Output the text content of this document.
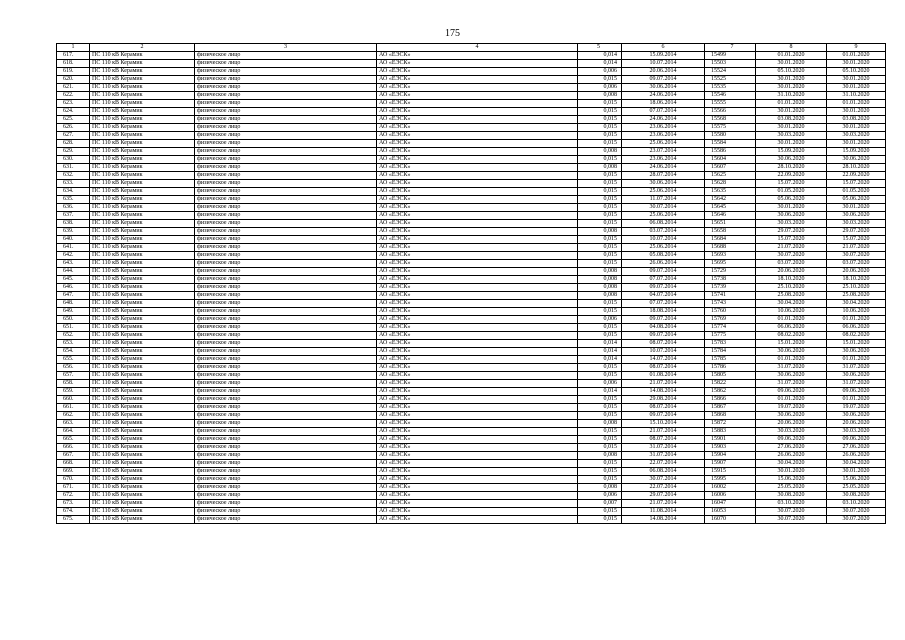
175
1	2	3	4	5	6	7	8	9
617.	ПС 110 кВ Керамик	физическое лицо	АО «ЕЭСК»	0,014	15.09.2014	15499	01.01.2020	01.01.2020
618.	ПС 110 кВ Керамик	физическое лицо	АО «ЕЭСК»	0,014	10.07.2014	15503	30.01.2020	30.01.2020
619.	ПС 110 кВ Керамик	физическое лицо	АО «ЕЭСК»	0,006	20.06.2014	15524	05.10.2020	05.10.2020
620.	ПС 110 кВ Керамик	физическое лицо	АО «ЕЭСК»	0,015	09.07.2014	15525	30.01.2020	30.01.2020
621.	ПС 110 кВ Керамик	физическое лицо	АО «ЕЭСК»	0,006	30.06.2014	15535	30.01.2020	30.01.2020
622.	ПС 110 кВ Керамик	физическое лицо	АО «ЕЭСК»	0,008	24.06.2014	15546	31.10.2020	31.10.2020
623.	ПС 110 кВ Керамик	физическое лицо	АО «ЕЭСК»	0,015	18.06.2014	15555	01.01.2020	01.01.2020
624.	ПС 110 кВ Керамик	физическое лицо	АО «ЕЭСК»	0,015	07.07.2014	15566	30.01.2020	30.01.2020
625.	ПС 110 кВ Керамик	физическое лицо	АО «ЕЭСК»	0,015	24.06.2014	15568	03.08.2020	03.08.2020
626.	ПС 110 кВ Керамик	физическое лицо	АО «ЕЭСК»	0,015	23.06.2014	15575	30.01.2020	30.01.2020
627.	ПС 110 кВ Керамик	физическое лицо	АО «ЕЭСК»	0,015	23.06.2014	15580	30.03.2020	30.03.2020
628.	ПС 110 кВ Керамик	физическое лицо	АО «ЕЭСК»	0,015	25.06.2014	15584	30.01.2020	30.01.2020
629.	ПС 110 кВ Керамик	физическое лицо	АО «ЕЭСК»	0,008	23.07.2014	15586	15.09.2020	15.09.2020
630.	ПС 110 кВ Керамик	физическое лицо	АО «ЕЭСК»	0,015	23.06.2014	15604	30.06.2020	30.06.2020
631.	ПС 110 кВ Керамик	физическое лицо	АО «ЕЭСК»	0,008	24.06.2014	15607	28.10.2020	28.10.2020
632.	ПС 110 кВ Керамик	физическое лицо	АО «ЕЭСК»	0,015	28.07.2014	15625	22.09.2020	22.09.2020
633.	ПС 110 кВ Керамик	физическое лицо	АО «ЕЭСК»	0,015	30.06.2014	15628	15.07.2020	15.07.2020
634.	ПС 110 кВ Керамик	физическое лицо	АО «ЕЭСК»	0,015	25.06.2014	15635	01.05.2020	01.05.2020
635.	ПС 110 кВ Керамик	физическое лицо	АО «ЕЭСК»	0,015	11.07.2014	15642	05.06.2020	05.06.2020
636.	ПС 110 кВ Керамик	физическое лицо	АО «ЕЭСК»	0,015	30.07.2014	15645	30.01.2020	30.01.2020
637.	ПС 110 кВ Керамик	физическое лицо	АО «ЕЭСК»	0,015	25.06.2014	15646	30.06.2020	30.06.2020
638.	ПС 110 кВ Керамик	физическое лицо	АО «ЕЭСК»	0,015	06.08.2014	15651	30.03.2020	30.03.2020
639.	ПС 110 кВ Керамик	физическое лицо	АО «ЕЭСК»	0,008	03.07.2014	15658	29.07.2020	29.07.2020
640.	ПС 110 кВ Керамик	физическое лицо	АО «ЕЭСК»	0,015	10.07.2014	15684	15.07.2020	15.07.2020
641.	ПС 110 кВ Керамик	физическое лицо	АО «ЕЭСК»	0,015	25.06.2014	15688	21.07.2020	21.07.2020
642.	ПС 110 кВ Керамик	физическое лицо	АО «ЕЭСК»	0,015	05.08.2014	15693	30.07.2020	30.07.2020
643.	ПС 110 кВ Керамик	физическое лицо	АО «ЕЭСК»	0,015	26.06.2014	15695	03.07.2020	03.07.2020
644.	ПС 110 кВ Керамик	физическое лицо	АО «ЕЭСК»	0,008	09.07.2014	15729	20.06.2020	20.06.2020
645.	ПС 110 кВ Керамик	физическое лицо	АО «ЕЭСК»	0,008	07.07.2014	15738	18.10.2020	18.10.2020
646.	ПС 110 кВ Керамик	физическое лицо	АО «ЕЭСК»	0,008	09.07.2014	15739	25.10.2020	25.10.2020
647.	ПС 110 кВ Керамик	физическое лицо	АО «ЕЭСК»	0,008	04.07.2014	15741	25.08.2020	25.08.2020
648.	ПС 110 кВ Керамик	физическое лицо	АО «ЕЭСК»	0,015	07.07.2014	15743	30.04.2020	30.04.2020
649.	ПС 110 кВ Керамик	физическое лицо	АО «ЕЭСК»	0,015	18.08.2014	15760	10.06.2020	10.06.2020
650.	ПС 110 кВ Керамик	физическое лицо	АО «ЕЭСК»	0,006	09.07.2014	15769	01.01.2020	01.01.2020
651.	ПС 110 кВ Керамик	физическое лицо	АО «ЕЭСК»	0,015	04.08.2014	15774	06.06.2020	06.06.2020
652.	ПС 110 кВ Керамик	физическое лицо	АО «ЕЭСК»	0,015	09.07.2014	15775	08.02.2020	08.02.2020
653.	ПС 110 кВ Керамик	физическое лицо	АО «ЕЭСК»	0,014	08.07.2014	15783	15.01.2020	15.01.2020
654.	ПС 110 кВ Керамик	физическое лицо	АО «ЕЭСК»	0,014	10.07.2014	15784	30.06.2020	30.06.2020
655.	ПС 110 кВ Керамик	физическое лицо	АО «ЕЭСК»	0,014	14.07.2014	15785	01.01.2020	01.01.2020
656.	ПС 110 кВ Керамик	физическое лицо	АО «ЕЭСК»	0,015	08.07.2014	15786	31.07.2020	31.07.2020
657.	ПС 110 кВ Керамик	физическое лицо	АО «ЕЭСК»	0,015	01.08.2014	15805	30.06.2020	30.06.2020
658.	ПС 110 кВ Керамик	физическое лицо	АО «ЕЭСК»	0,006	21.07.2014	15822	31.07.2020	31.07.2020
659.	ПС 110 кВ Керамик	физическое лицо	АО «ЕЭСК»	0,014	14.08.2014	15862	09.06.2020	09.06.2020
660.	ПС 110 кВ Керамик	физическое лицо	АО «ЕЭСК»	0,015	29.08.2014	15866	01.01.2020	01.01.2020
661.	ПС 110 кВ Керамик	физическое лицо	АО «ЕЭСК»	0,015	08.07.2014	15867	19.07.2020	19.07.2020
662.	ПС 110 кВ Керамик	физическое лицо	АО «ЕЭСК»	0,015	09.07.2014	15868	30.06.2020	30.06.2020
663.	ПС 110 кВ Керамик	физическое лицо	АО «ЕЭСК»	0,008	15.10.2014	15872	20.06.2020	20.06.2020
664.	ПС 110 кВ Керамик	физическое лицо	АО «ЕЭСК»	0,015	21.07.2014	15883	30.03.2020	30.03.2020
665.	ПС 110 кВ Керамик	физическое лицо	АО «ЕЭСК»	0,015	08.07.2014	15901	09.06.2020	09.06.2020
666.	ПС 110 кВ Керамик	физическое лицо	АО «ЕЭСК»	0,015	31.07.2014	15903	27.06.2020	27.06.2020
667.	ПС 110 кВ Керамик	физическое лицо	АО «ЕЭСК»	0,008	31.07.2014	15904	26.06.2020	26.06.2020
668.	ПС 110 кВ Керамик	физическое лицо	АО «ЕЭСК»	0,015	22.07.2014	15907	30.04.2020	30.04.2020
669.	ПС 110 кВ Керамик	физическое лицо	АО «ЕЭСК»	0,015	06.08.2014	15915	30.01.2020	30.01.2020
670.	ПС 110 кВ Керамик	физическое лицо	АО «ЕЭСК»	0,015	30.07.2014	15995	15.06.2020	15.06.2020
671.	ПС 110 кВ Керамик	физическое лицо	АО «ЕЭСК»	0,008	22.07.2014	16002	25.05.2020	25.05.2020
672.	ПС 110 кВ Керамик	физическое лицо	АО «ЕЭСК»	0,006	29.07.2014	16006	30.08.2020	30.08.2020
673.	ПС 110 кВ Керамик	физическое лицо	АО «ЕЭСК»	0,007	21.07.2014	16047	03.10.2020	03.10.2020
674.	ПС 110 кВ Керамик	физическое лицо	АО «ЕЭСК»	0,015	11.08.2014	16053	30.07.2020	30.07.2020
675.	ПС 110 кВ Керамик	физическое лицо	АО «ЕЭСК»	0,015	14.08.2014	16070	30.07.2020	30.07.2020
